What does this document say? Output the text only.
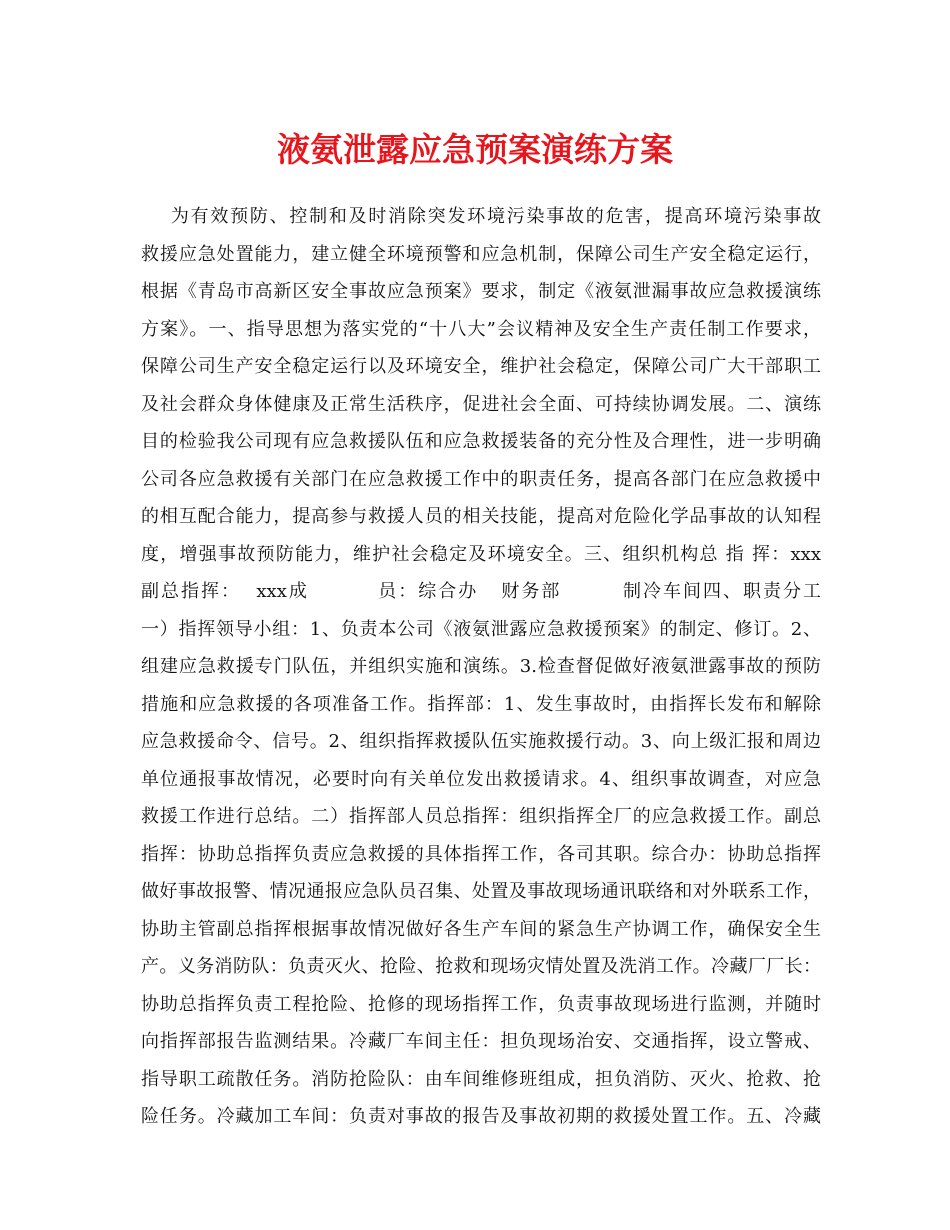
液氨泄露应急预案演练方案
为有效预防、控制和及时消除突发环境污染事故的危害，提高环境污染事故
救援应急处置能力，建立健全环境预警和应急机制，保障公司生产安全稳定运行，
根据《青岛市高新区安全事故应急预案》要求，制定《液氨泄漏事故应急救援演练
方案》。一、指导思想为落实党的“十八大”会议精神及安全生产责任制工作要求，
保障公司生产安全稳定运行以及环境安全，维护社会稳定，保障公司广大干部职工
及社会群众身体健康及正常生活秩序，促进社会全面、可持续协调发展。二、演练
目的检验我公司现有应急救援队伍和应急救援装备的充分性及合理性，进一步明确
公司各应急救援有关部门在应急救援工作中的职责任务，提高各部门在应急救援中
的相互配合能力，提高参与救援人员的相关技能，提高对危险化学品事故的认知程
度，增强事故预防能力，维护社会稳定及环境安全。三、组织机构总 指 挥：xxx
副总指挥：  xxx成         员：综合办   财务部        制冷车间四、职责分工
一）指挥领导小组：1、负责本公司《液氨泄露应急救援预案》的制定、修订。2、
组建应急救援专门队伍，并组织实施和演练。3.检查督促做好液氨泄露事故的预防
措施和应急救援的各项准备工作。指挥部：1、发生事故时，由指挥长发布和解除
应急救援命令、信号。2、组织指挥救援队伍实施救援行动。3、向上级汇报和周边
单位通报事故情况，必要时向有关单位发出救援请求。4、组织事故调查，对应急
救援工作进行总结。二）指挥部人员总指挥：组织指挥全厂的应急救援工作。副总
指挥：协助总指挥负责应急救援的具体指挥工作，各司其职。综合办：协助总指挥
做好事故报警、情况通报应急队员召集、处置及事故现场通讯联络和对外联系工作，
协助主管副总指挥根据事故情况做好各生产车间的紧急生产协调工作，确保安全生
产。义务消防队：负责灭火、抢险、抢救和现场灾情处置及洗消工作。冷藏厂厂长：
协助总指挥负责工程抢险、抢修的现场指挥工作，负责事故现场进行监测，并随时
向指挥部报告监测结果。冷藏厂车间主任：担负现场治安、交通指挥，设立警戒、
指导职工疏散任务。消防抢险队：由车间维修班组成，担负消防、灭火、抢救、抢
险任务。冷藏加工车间：负责对事故的报告及事故初期的救援处置工作。五、冷藏
